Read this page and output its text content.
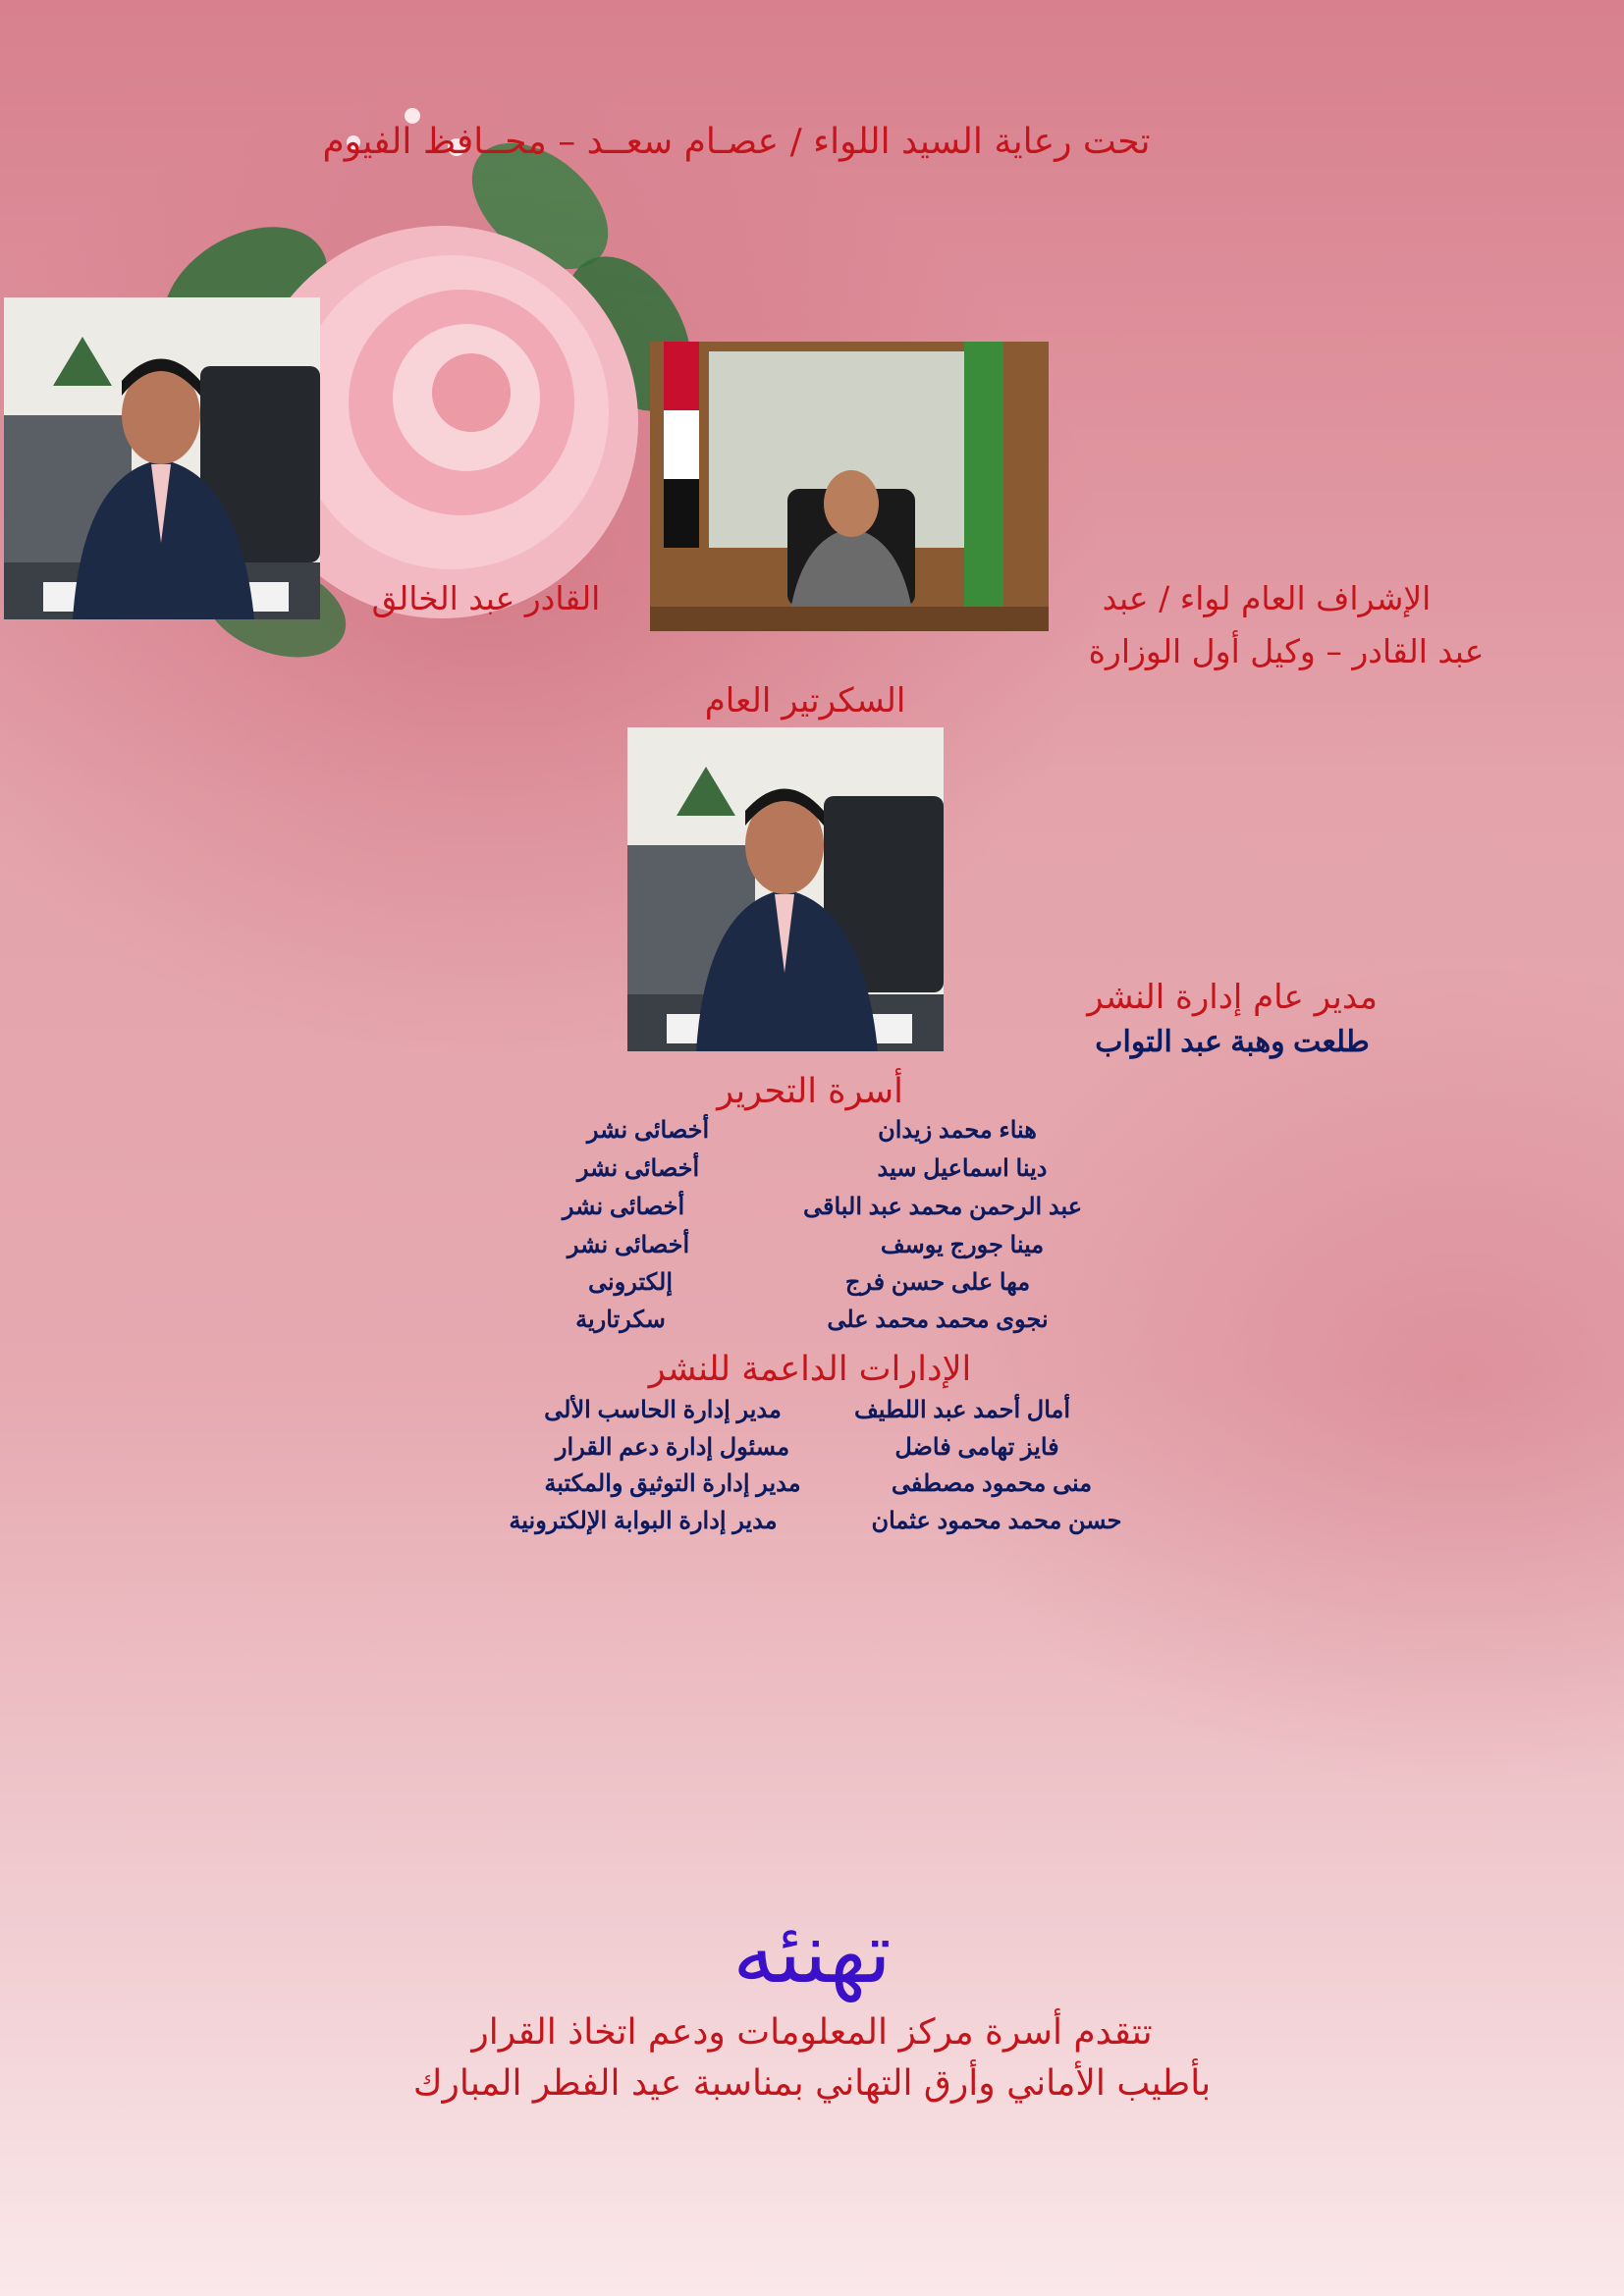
تحت رعاية السيد اللواء / عصـام سعــد – محــافظ الفيوم
القادر عبد الخالق	الإشراف العام لواء / عبد
عبد القادر – وكيل أول الوزارة
السكرتير العام
مدير عام إدارة النشر
طلعت وهبة عبد التواب
أسرة التحرير
هناء محمد زيدان
أخصائى نشر
دينا اسماعيل سيد
أخصائى نشر
عبد الرحمن محمد عبد الباقى
أخصائى نشر
مينا جورج يوسف
أخصائى نشر
مها على حسن فرج
إلكترونى
نجوى محمد محمد على
سكرتارية
الإدارات الداعمة للنشر
أمال أحمد عبد اللطيف
مدير إدارة الحاسب الألى
فايز تهامى فاضل
مسئول إدارة دعم القرار
منى محمود مصطفى
مدير إدارة التوثيق والمكتبة
حسن محمد محمود عثمان
مدير إدارة البوابة الإلكترونية
تهنئه
تتقدم أسرة مركز المعلومات ودعم اتخاذ القرار
بأطيب الأماني وأرق التهاني بمناسبة عيد الفطر المبارك
